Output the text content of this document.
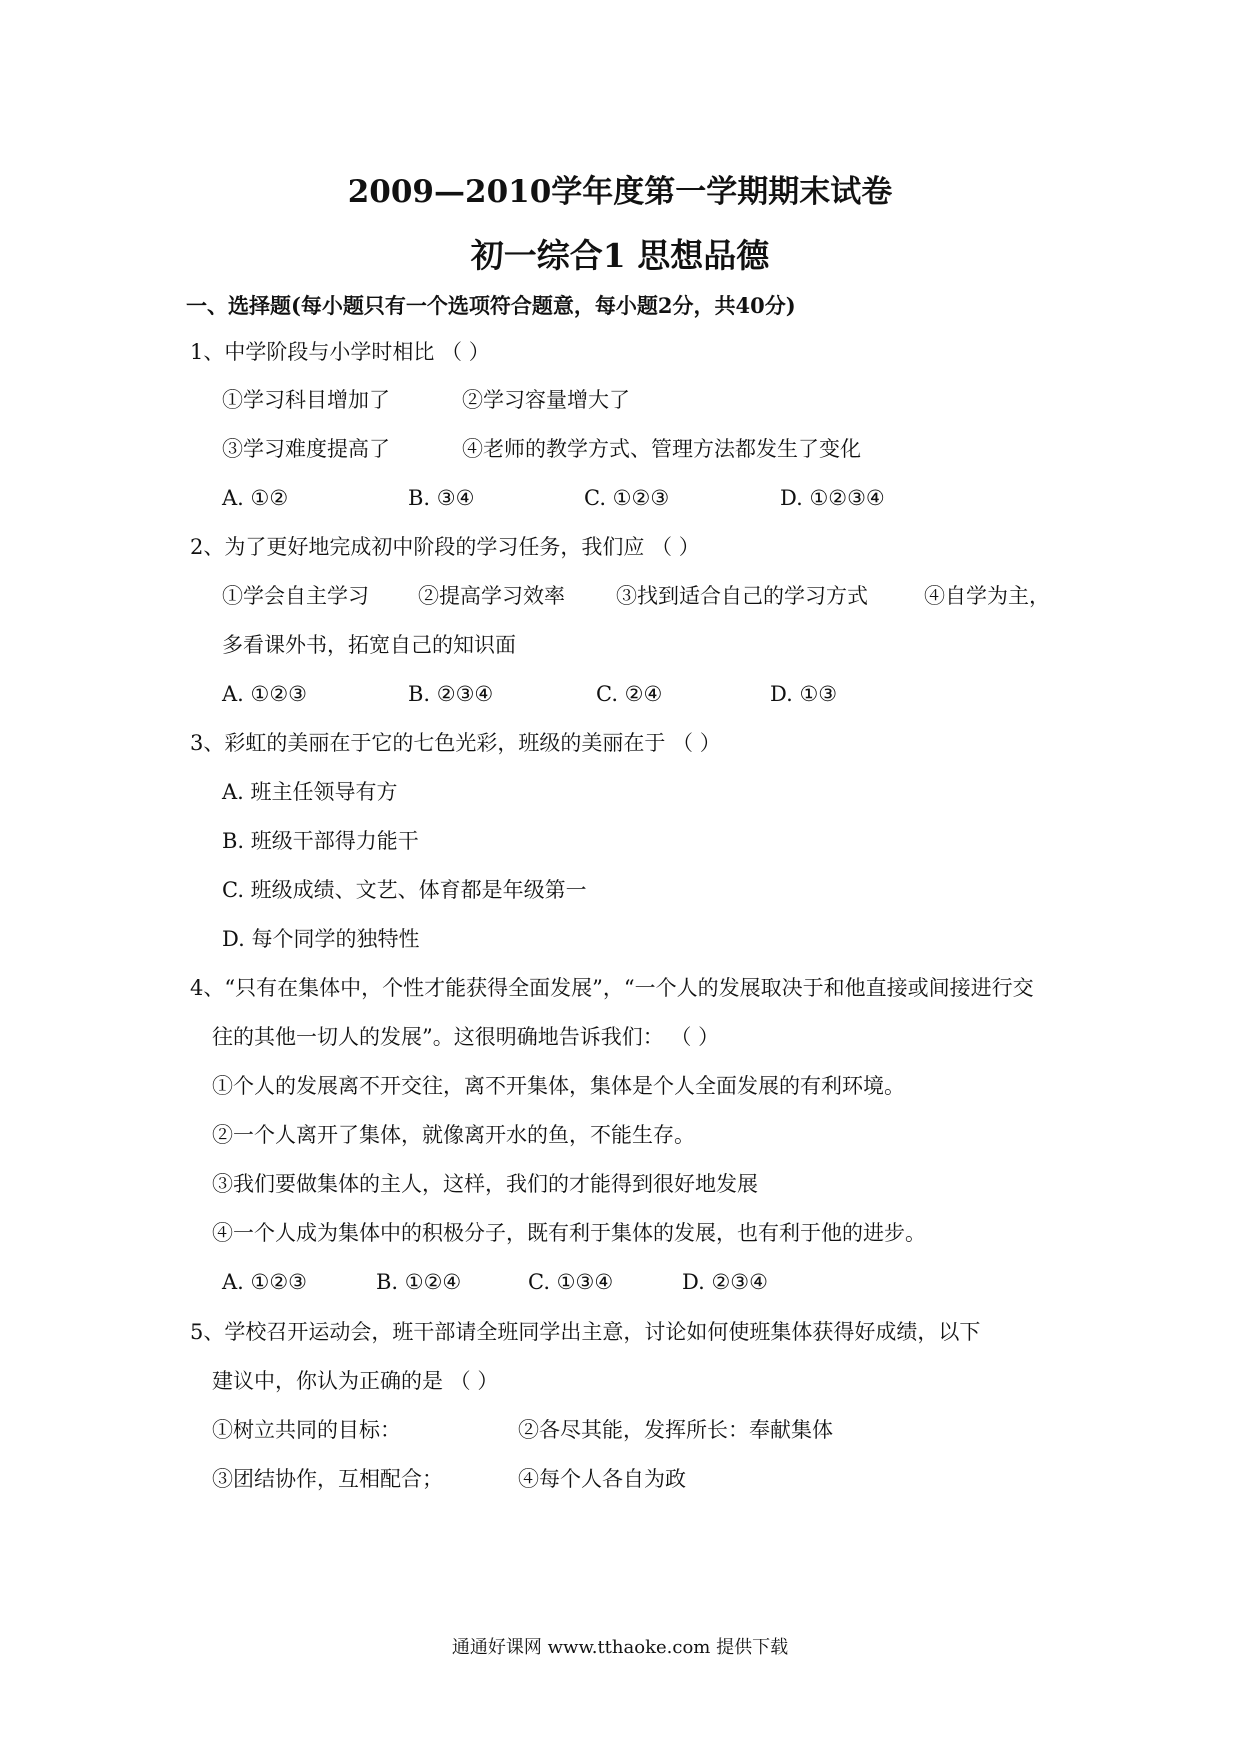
2009—2010学年度第一学期期末试卷
初一综合1 思想品德
一、选择题(每小题只有一个选项符合题意，每小题2分，共40分)
1、中学阶段与小学时相比 （ ）
①学习科目增加了	②学习容量增大了
③学习难度提高了	④老师的教学方式、管理方法都发生了变化
A. ①②	B. ③④	C. ①②③	D. ①②③④
2、为了更好地完成初中阶段的学习任务，我们应 （ ）
①学会自主学习 ②提高学习效率 ③找到适合自己的学习方式	④自学为主，
多看课外书，拓宽自己的知识面
A. ①②③	B. ②③④	C. ②④	D. ①③
3、彩虹的美丽在于它的七色光彩，班级的美丽在于 （ ）
A. 班主任领导有方
B. 班级干部得力能干
C. 班级成绩、文艺、体育都是年级第一
D. 每个同学的独特性
4、“只有在集体中，个性才能获得全面发展”，“一个人的发展取决于和他直接或间接进行交
往的其他一切人的发展”。这很明确地告诉我们： （ ）
①个人的发展离不开交往，离不开集体，集体是个人全面发展的有利环境。
②一个人离开了集体，就像离开水的鱼，不能生存。
③我们要做集体的主人，这样，我们的才能得到很好地发展
④一个人成为集体中的积极分子，既有利于集体的发展，也有利于他的进步。
A. ①②③	B. ①②④	C. ①③④	D. ②③④
5、学校召开运动会，班干部请全班同学出主意，讨论如何使班集体获得好成绩，以下
建议中，你认为正确的是 （ ）
①树立共同的目标：	②各尽其能，发挥所长：奉献集体
③团结协作，互相配合；	④每个人各自为政
通通好课网 www.tthaoke.com 提供下载
